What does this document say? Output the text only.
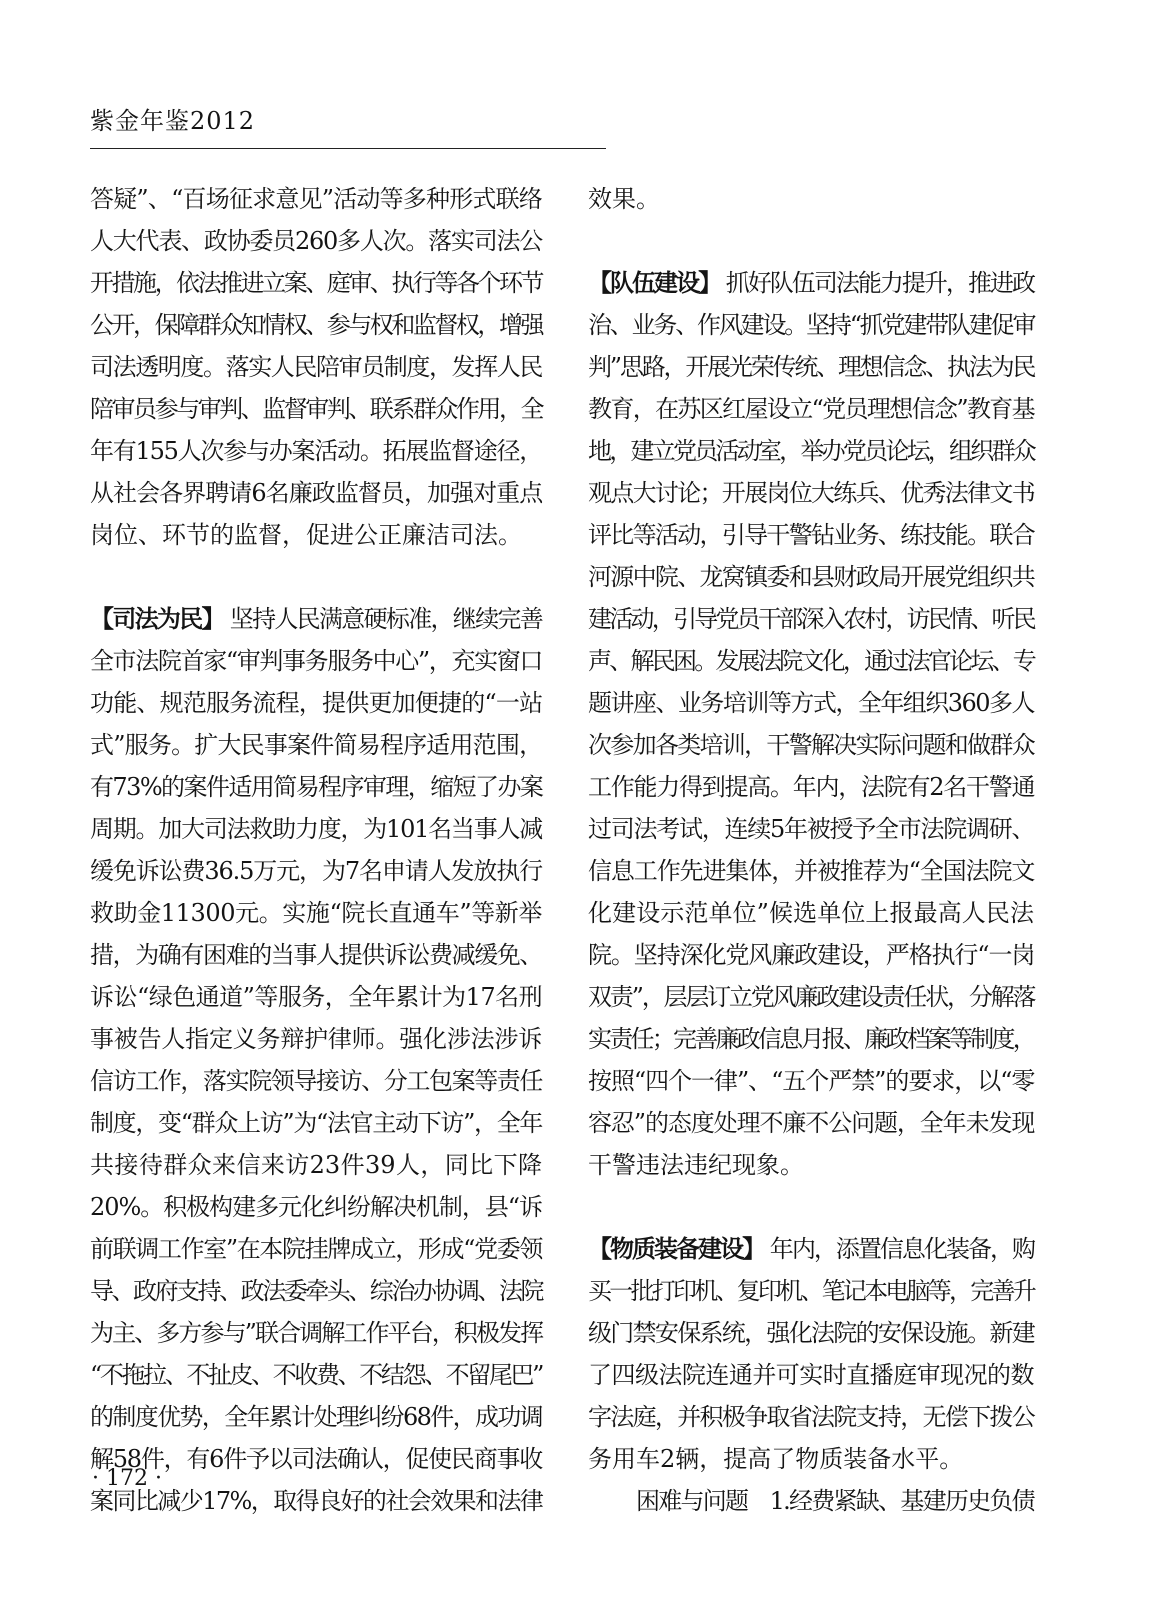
紫金年鉴2012
答疑”、“百场征求意见”活动等多种形式联络
人大代表、政协委员260多人次。落实司法公
开措施，依法推进立案、庭审、执行等各个环节
公开，保障群众知情权、参与权和监督权，增强
司法透明度。落实人民陪审员制度，发挥人民
陪审员参与审判、监督审判、联系群众作用，全
年有155人次参与办案活动。拓展监督途径，
从社会各界聘请6名廉政监督员，加强对重点
岗位、环节的监督，促进公正廉洁司法。
【司法为民】 坚持人民满意硬标准，继续完善
全市法院首家“审判事务服务中心”，充实窗口
功能、规范服务流程，提供更加便捷的“一站
式”服务。扩大民事案件简易程序适用范围，
有73%的案件适用简易程序审理，缩短了办案
周期。加大司法救助力度，为101名当事人减
缓免诉讼费36.5万元，为7名申请人发放执行
救助金11300元。实施“院长直通车”等新举
措，为确有困难的当事人提供诉讼费减缓免、
诉讼“绿色通道”等服务，全年累计为17名刑
事被告人指定义务辩护律师。强化涉法涉诉
信访工作，落实院领导接访、分工包案等责任
制度，变“群众上访”为“法官主动下访”，全年
共接待群众来信来访23件39人，同比下降
20%。积极构建多元化纠纷解决机制，县“诉
前联调工作室”在本院挂牌成立，形成“党委领
导、政府支持、政法委牵头、综治办协调、法院
为主、多方参与”联合调解工作平台，积极发挥
“不拖拉、不扯皮、不收费、不结怨、不留尾巴”
的制度优势，全年累计处理纠纷68件，成功调
解58件，有6件予以司法确认，促使民商事收
案同比减少17%，取得良好的社会效果和法律
效果。
【队伍建设】 抓好队伍司法能力提升，推进政
治、业务、作风建设。坚持“抓党建带队建促审
判”思路，开展光荣传统、理想信念、执法为民
教育，在苏区红屋设立“党员理想信念”教育基
地，建立党员活动室，举办党员论坛，组织群众
观点大讨论；开展岗位大练兵、优秀法律文书
评比等活动，引导干警钻业务、练技能。联合
河源中院、龙窝镇委和县财政局开展党组织共
建活动，引导党员干部深入农村，访民情、听民
声、解民困。发展法院文化，通过法官论坛、专
题讲座、业务培训等方式，全年组织360多人
次参加各类培训，干警解决实际问题和做群众
工作能力得到提高。年内，法院有2名干警通
过司法考试，连续5年被授予全市法院调研、
信息工作先进集体，并被推荐为“全国法院文
化建设示范单位”候选单位上报最高人民法
院。坚持深化党风廉政建设，严格执行“一岗
双责”，层层订立党风廉政建设责任状，分解落
实责任；完善廉政信息月报、廉政档案等制度，
按照“四个一律”、“五个严禁”的要求，以“零
容忍”的态度处理不廉不公问题，全年未发现
干警违法违纪现象。
【物质装备建设】 年内，添置信息化装备，购
买一批打印机、复印机、笔记本电脑等，完善升
级门禁安保系统，强化法院的安保设施。新建
了四级法院连通并可实时直播庭审现况的数
字法庭，并积极争取省法院支持，无偿下拨公
务用车2辆，提高了物质装备水平。
困难与问题　1.经费紧缺、基建历史负债
· 172 ·
